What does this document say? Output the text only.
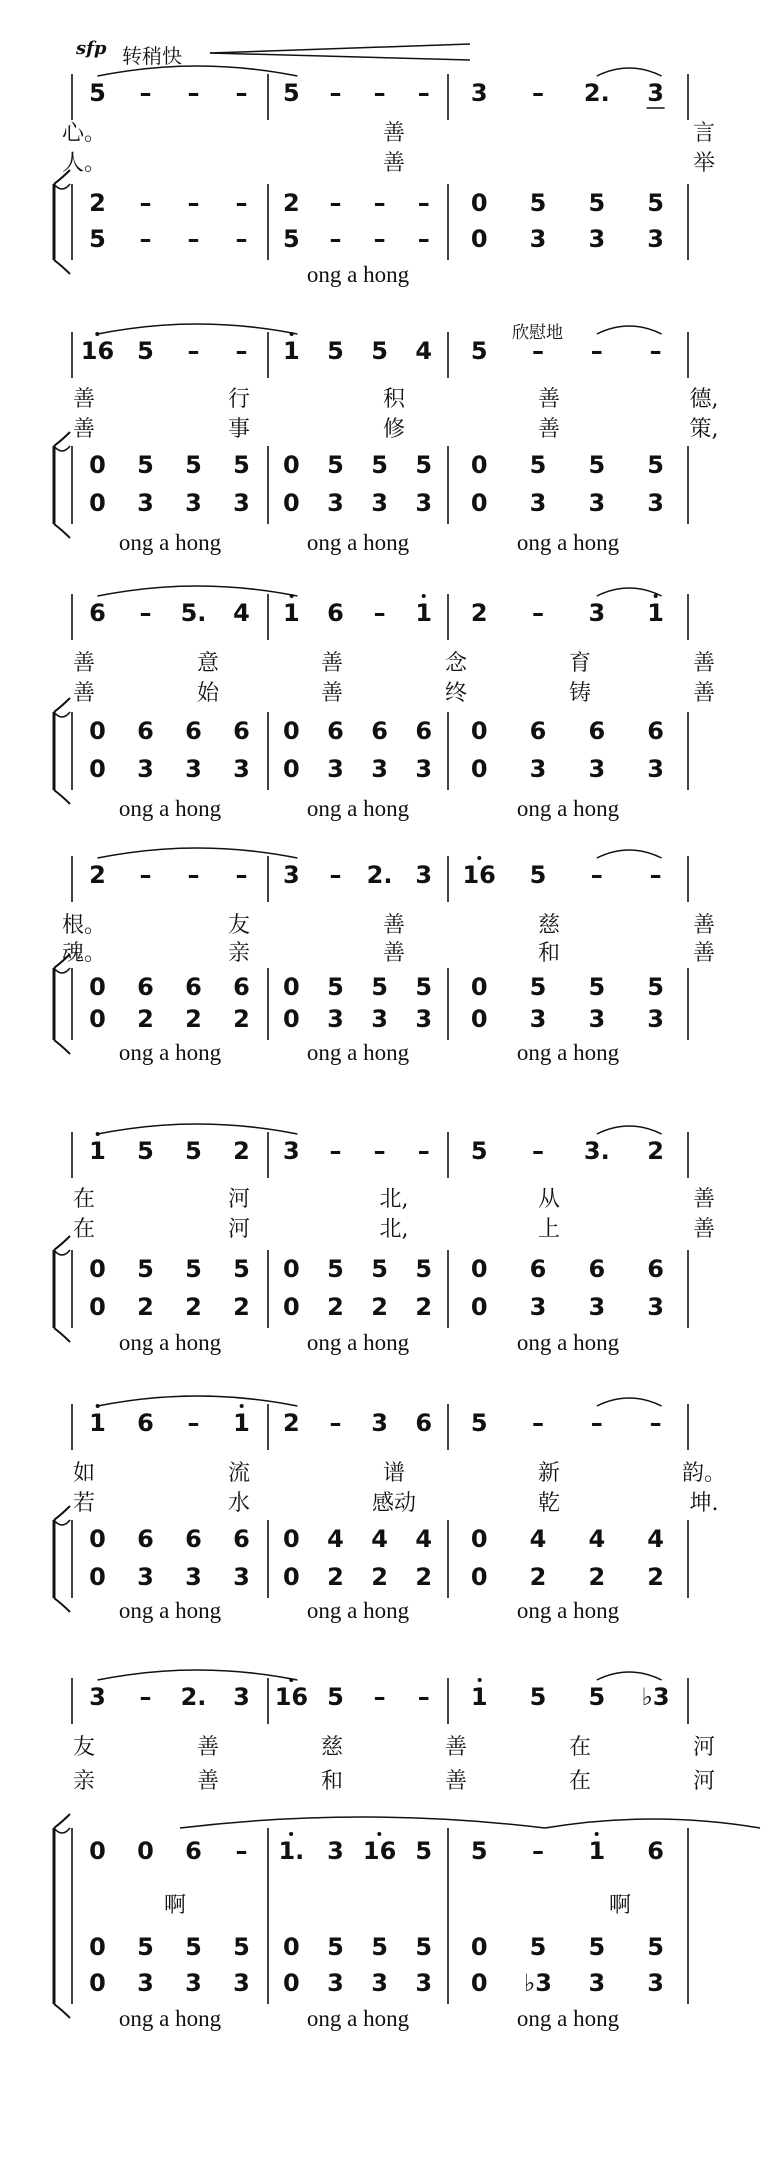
sfp 转稍快
欣慰地
5 – – – 5 – – – 3 – 2. 3
心。	善	言
人。	善	举
2 – – – 2 – – – 0 5 5 5
5 – – – 5 – – – 0 3 3 3
ong a hong
16 5 – – 1 5 5 4 5 – – –
善	行	积	善	德,
善	事	修	善	策,
0 5 5 5 0 5 5 5 0 5 5 5
0 3 3 3 0 3 3 3 0 3 3 3
ong a hong	ong a hong	ong a hong
6 – 5. 4 1 6 – 1 2 – 3 1
善	意	善	念	育	善
善	始	善	终	铸	善
0 6 6 6 0 6 6 6 0 6 6 6
0 3 3 3 0 3 3 3 0 3 3 3
ong a hong	ong a hong	ong a hong
2 – – – 3 – 2. 3 16 5 – –
根。	友	善	慈	善
魂。	亲	善	和	善
0 6 6 6 0 5 5 5 0 5 5 5
0 2 2 2 0 3 3 3 0 3 3 3
ong a hong	ong a hong	ong a hong
1 5 5 2 3 – – – 5 – 3. 2
在	河	北,	从	善
在	河	北,	上	善
0 5 5 5 0 5 5 5 0 6 6 6
0 2 2 2 0 2 2 2 0 3 3 3
ong a hong	ong a hong	ong a hong
1 6 – 1 2 – 3 6 5 – – –
如	流	谱	新	韵。
若	水	感动	乾	坤.
0 6 6 6 0 4 4 4 0 4 4 4
0 3 3 3 0 2 2 2 0 2 2 2
ong a hong	ong a hong	ong a hong
3 – 2. 3 16 5 – – 1 5 5 ♭3
友	善	慈	善	在	河
亲	善	和	善	在	河
0 0 6 – 1. 3 16 5 5 – 1 6
啊	啊
0 5 5 5 0 5 5 5 0 5 5 5
0 3 3 3 0 3 3 3 0 ♭3 3 3
ong a hong	ong a hong	ong a hong
